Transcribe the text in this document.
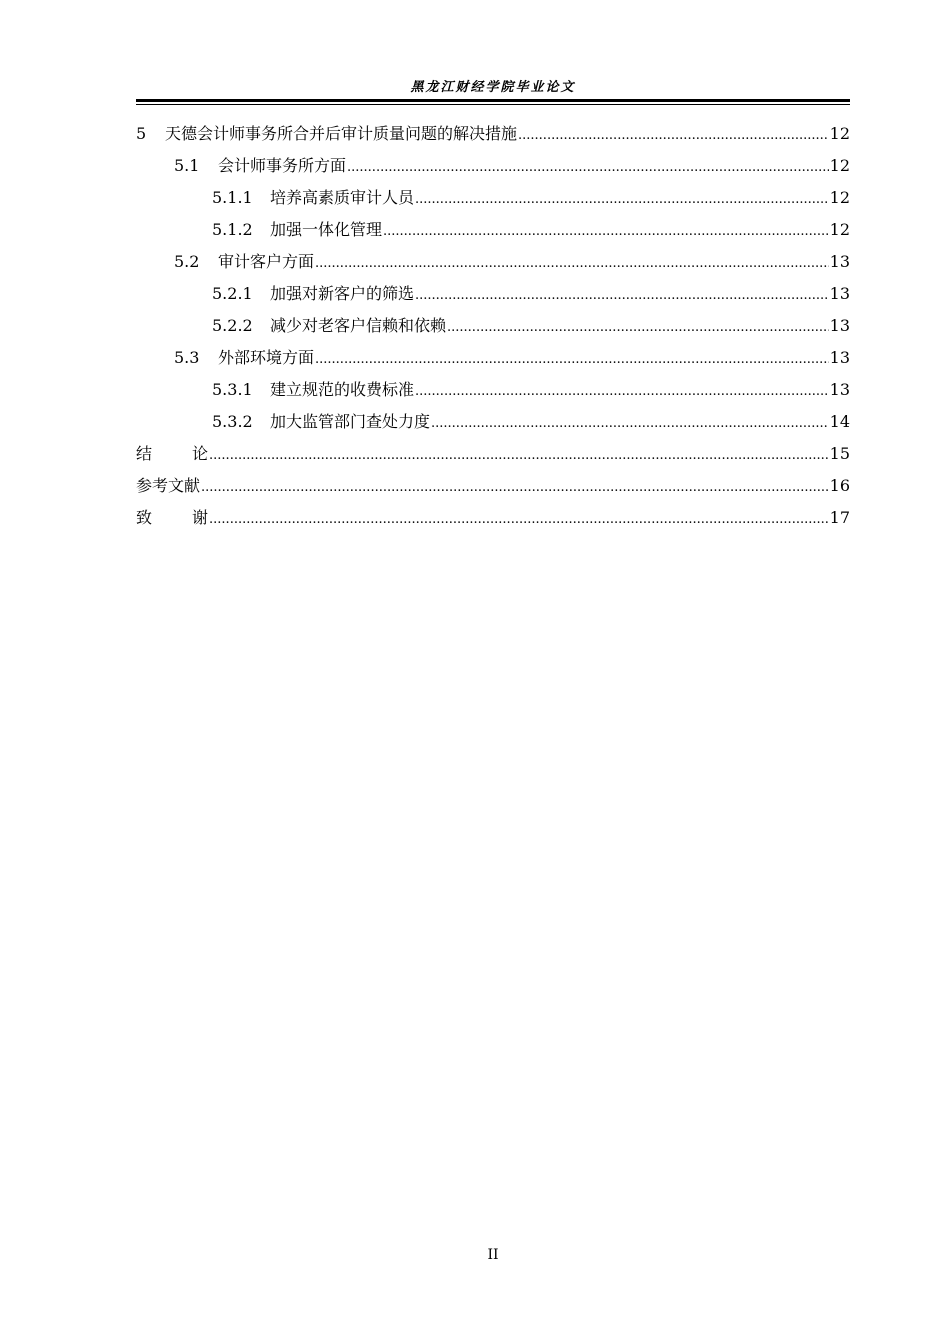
黑龙江财经学院毕业论文
5	天德会计师事务所合并后审计质量问题的解决措施 .....	12
5.1	会计师事务所方面 .....	12
5.1.1	培养高素质审计人员 .....	12
5.1.2	加强一体化管理 .....	12
5.2	审计客户方面 .....	13
5.2.1	加强对新客户的筛选 .....	13
5.2.2	减少对老客户信赖和依赖 .....	13
5.3	外部环境方面 .....	13
5.3.1	建立规范的收费标准 .....	13
5.3.2	加大监管部门查处力度 .....	14
结	论 .....	15
参考文献 .....	16
致	谢 .....	17
II
